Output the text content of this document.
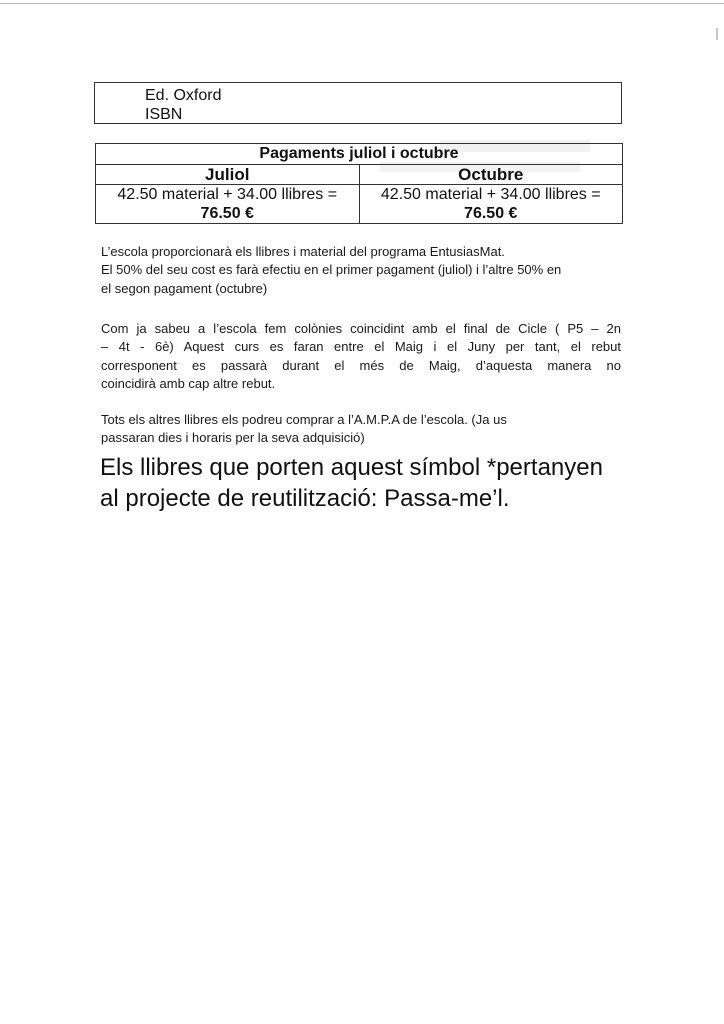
Ed. Oxford
ISBN
Pagaments juliol i octubre	
Juliol	Octubre
42.50 material + 34.00 llibres =
76.50 €	42.50 material + 34.00 llibres =
76.50 €
L’escola proporcionarà els llibres i material del programa EntusiasMat.
El 50% del seu cost es farà efectiu en el primer pagament (juliol) i l’altre 50% en
el segon pagament (octubre)
Com ja sabeu a l’escola fem colònies coincidint amb el final de Cicle ( P5 – 2n
– 4t - 6è) Aquest curs es faran entre el Maig i el Juny per tant, el rebut
corresponent es passarà durant el més de Maig, d’aquesta manera no
coincidirà amb cap altre rebut.
Tots els altres llibres els podreu comprar a l’A.M.P.A de l’escola. (Ja us
passaran dies i horaris per la seva adquisició)
Els llibres que porten aquest símbol *pertanyen
al projecte de reutilització: Passa-me’l.
